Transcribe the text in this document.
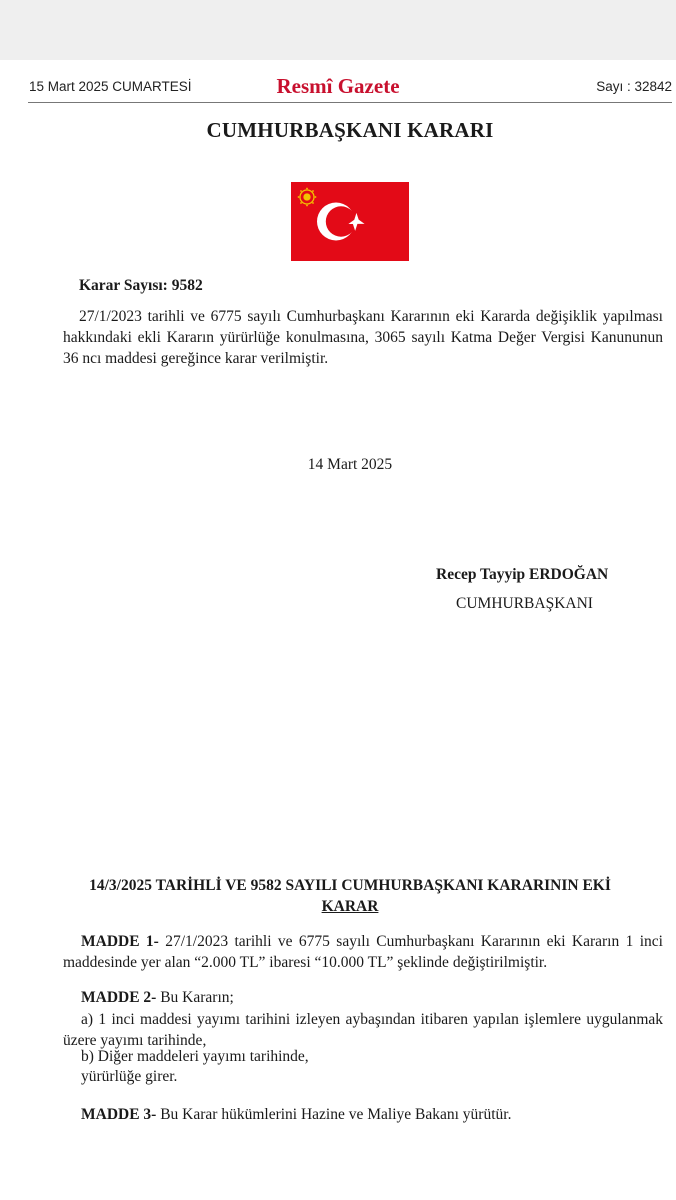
15 Mart 2025 CUMARTESİ	Resmî Gazete	Sayı : 32842
CUMHURBAŞKANI KARARI
Karar Sayısı: 9582
27/1/2023 tarihli ve 6775 sayılı Cumhurbaşkanı Kararının eki Kararda değişiklik yapılması hakkındaki ekli Kararın yürürlüğe konulmasına, 3065 sayılı Katma Değer Vergisi Kanununun 36 ncı maddesi gereğince karar verilmiştir.
14 Mart 2025
Recep Tayyip ERDOĞAN
CUMHURBAŞKANI
14/3/2025 TARİHLİ VE 9582 SAYILI CUMHURBAŞKANI KARARININ EKİ
KARAR
MADDE 1- 27/1/2023 tarihli ve 6775 sayılı Cumhurbaşkanı Kararının eki Kararın 1 inci maddesinde yer alan “2.000 TL” ibaresi “10.000 TL” şeklinde değiştirilmiştir.
MADDE 2- Bu Kararın;
a) 1 inci maddesi yayımı tarihini izleyen aybaşından itibaren yapılan işlemlere uygulanmak üzere yayımı tarihinde,
b) Diğer maddeleri yayımı tarihinde,
yürürlüğe girer.
MADDE 3- Bu Karar hükümlerini Hazine ve Maliye Bakanı yürütür.
